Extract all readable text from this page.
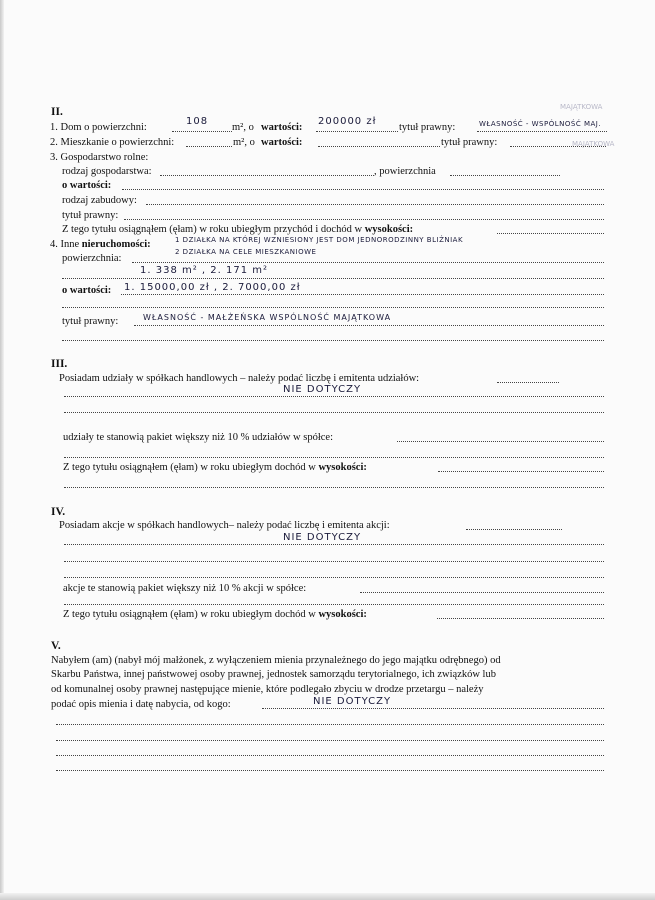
MAJĄTKOWA
MAJĄTKOWA
II.
1. Dom o powierzchni:
108
m², o wartości:
200000 zł
tytuł prawny:	WŁASNOŚĆ - WSPÓLNOŚĆ MAJ.
2. Mieszkanie o powierzchni:	m², o wartości:	tytuł prawny:
3. Gospodarstwo rolne:
rodzaj gospodarstwa:	, powierzchnia
o wartości:
rodzaj zabudowy:
tytuł prawny:
Z tego tytułu osiągnąłem (ęłam) w roku ubiegłym przychód i dochód w wysokości:
4. Inne nieruchomości:	1 DZIAŁKA NA KTÓREJ WZNIESIONY JEST DOM JEDNORODZINNY BLIŹNIAK
2 DZIAŁKA NA CELE MIESZKANIOWE
powierzchnia:
1. 338 m² , 2. 171 m²
o wartości: 1. 15000,00 zł , 2. 7000,00 zł
tytuł prawny:	WŁASNOŚĆ - MAŁŻEŃSKA WSPÓLNOŚĆ MAJĄTKOWA
III.
Posiadam udziały w spółkach handlowych – należy podać liczbę i emitenta udziałów:
NIE DOTYCZY
udziały te stanowią pakiet większy niż 10 % udziałów w spółce:
Z tego tytułu osiągnąłem (ęłam) w roku ubiegłym dochód w wysokości:
IV.
Posiadam akcje w spółkach handlowych– należy podać liczbę i emitenta akcji:
NIE DOTYCZY
akcje te stanowią pakiet większy niż 10 % akcji w spółce:
Z tego tytułu osiągnąłem (ęłam) w roku ubiegłym dochód w wysokości:
V.
Nabyłem (am) (nabył mój małżonek, z wyłączeniem mienia przynależnego do jego majątku odrębnego) od
Skarbu Państwa, innej państwowej osoby prawnej, jednostek samorządu terytorialnego, ich związków lub
od komunalnej osoby prawnej następujące mienie, które podlegało zbyciu w drodze przetargu – należy
podać opis mienia i datę nabycia, od kogo:	NIE DOTYCZY
